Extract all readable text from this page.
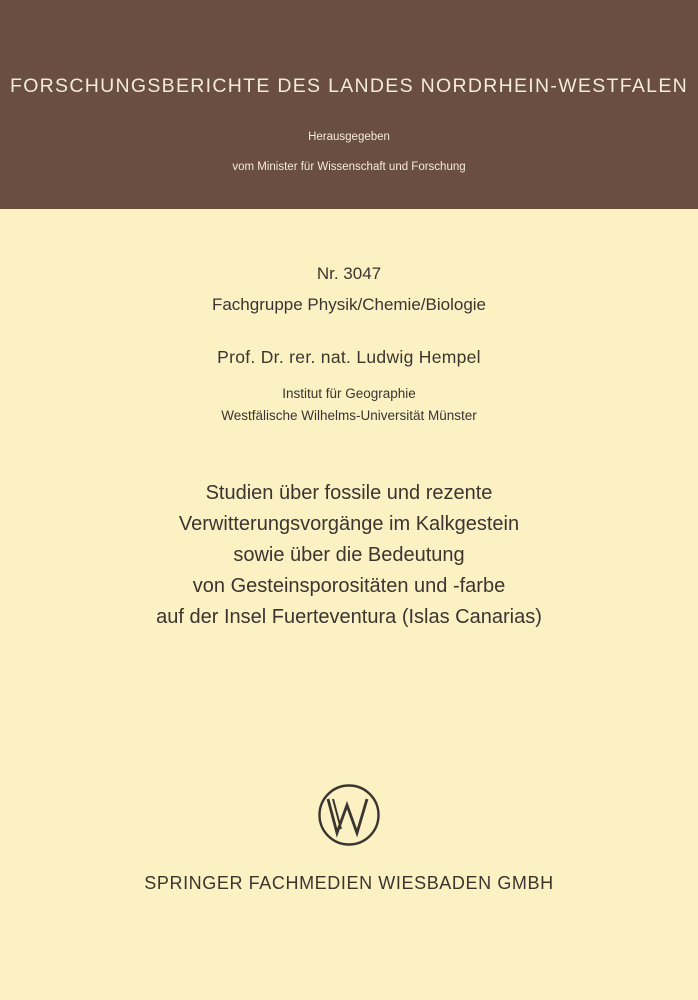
FORSCHUNGSBERICHTE DES LANDES NORDRHEIN-WESTFALEN
Herausgegeben
vom Minister für Wissenschaft und Forschung
Nr. 3047
Fachgruppe Physik/Chemie/Biologie
Prof. Dr. rer. nat. Ludwig Hempel
Institut für Geographie
Westfälische Wilhelms-Universität Münster
Studien über fossile und rezente
Verwitterungsvorgänge im Kalkgestein
sowie über die Bedeutung
von Gesteinsporositäten und -farbe
auf der Insel Fuerteventura (Islas Canarias)
SPRINGER FACHMEDIEN WIESBADEN GMBH
